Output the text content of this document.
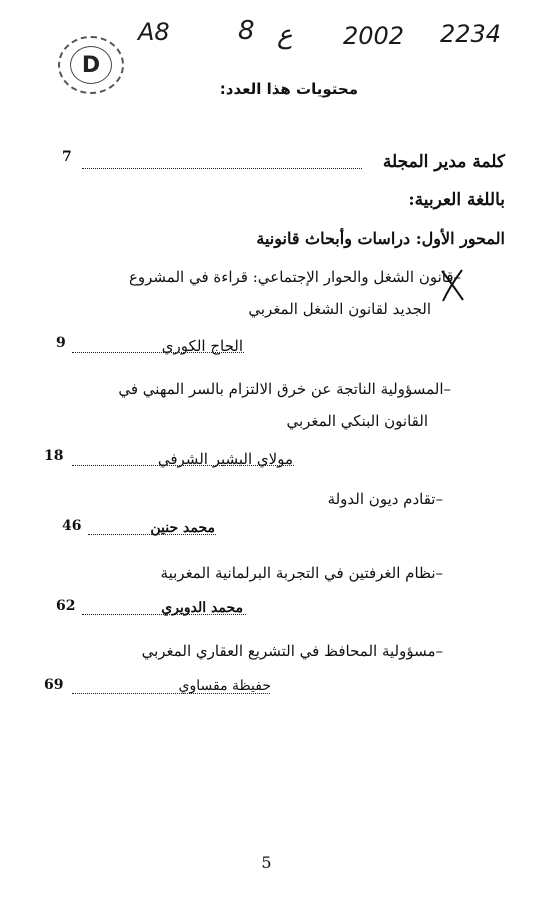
A8	8 ع 2002 2234
D
محتويات هذا العدد:
كلمة مدير المجلة
7
باللغة العربية:
المحور الأول: دراسات وأبحاث قانونية
–قانون الشغل والحوار الإجتماعي: قراءة في المشروع
الجديد لقانون الشغل المغربي
الحاج الكوري
9
–المسؤولية الناتجة عن خرق الالتزام بالسر المهني في
القانون البنكي المغربي
مولاي البشير الشرفي
18
–تقادم ديون الدولة
محمد حنين
46
–نظام الغرفتين في التجربة البرلمانية المغربية
محمد الدويري
62
–مسؤولية المحافظ في التشريع العقاري المغربي
حفيظة مقساوي
69
5
